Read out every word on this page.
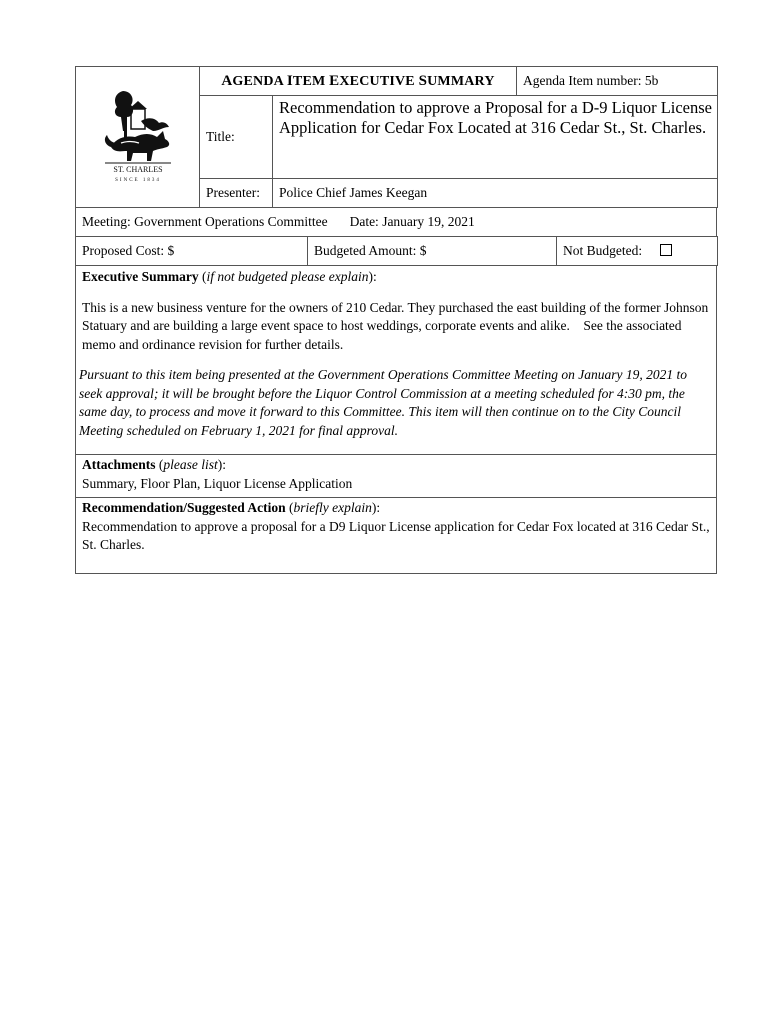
ST. CHARLES
SINCE 1834	AGENDA ITEM EXECUTIVE SUMMARY		Agenda Item number: 5b
	Title:	Recommendation to approve a Proposal for a D-9 Liquor License Application for Cedar Fox Located at 316 Cedar St., St. Charles.	
	Presenter:	Police Chief James Keegan	
Meeting: Government Operations Committee Date: January 19, 2021
Proposed Cost: $	Budgeted Amount: $	Not Budgeted:

Executive Summary (if not budgeted please explain):

This is a new business venture for the owners of 210 Cedar. They purchased the east building of the former Johnson Statuary and are building a large event space to host weddings, corporate events and alike.    See the associated memo and ordinance revision for further details.

Pursuant to this item being presented at the Government Operations Committee Meeting on January 19, 2021 to seek approval; it will be brought before the Liquor Control Commission at a meeting scheduled for 4:30 pm, the same day, to process and move it forward to this Committee. This item will then continue on to the City Council Meeting scheduled on February 1, 2021 for final approval.

Attachments (please list):
Summary, Floor Plan, Liquor License Application

Recommendation/Suggested Action (briefly explain):
Recommendation to approve a proposal for a D9 Liquor License application for Cedar Fox located at 316 Cedar St., St. Charles.
